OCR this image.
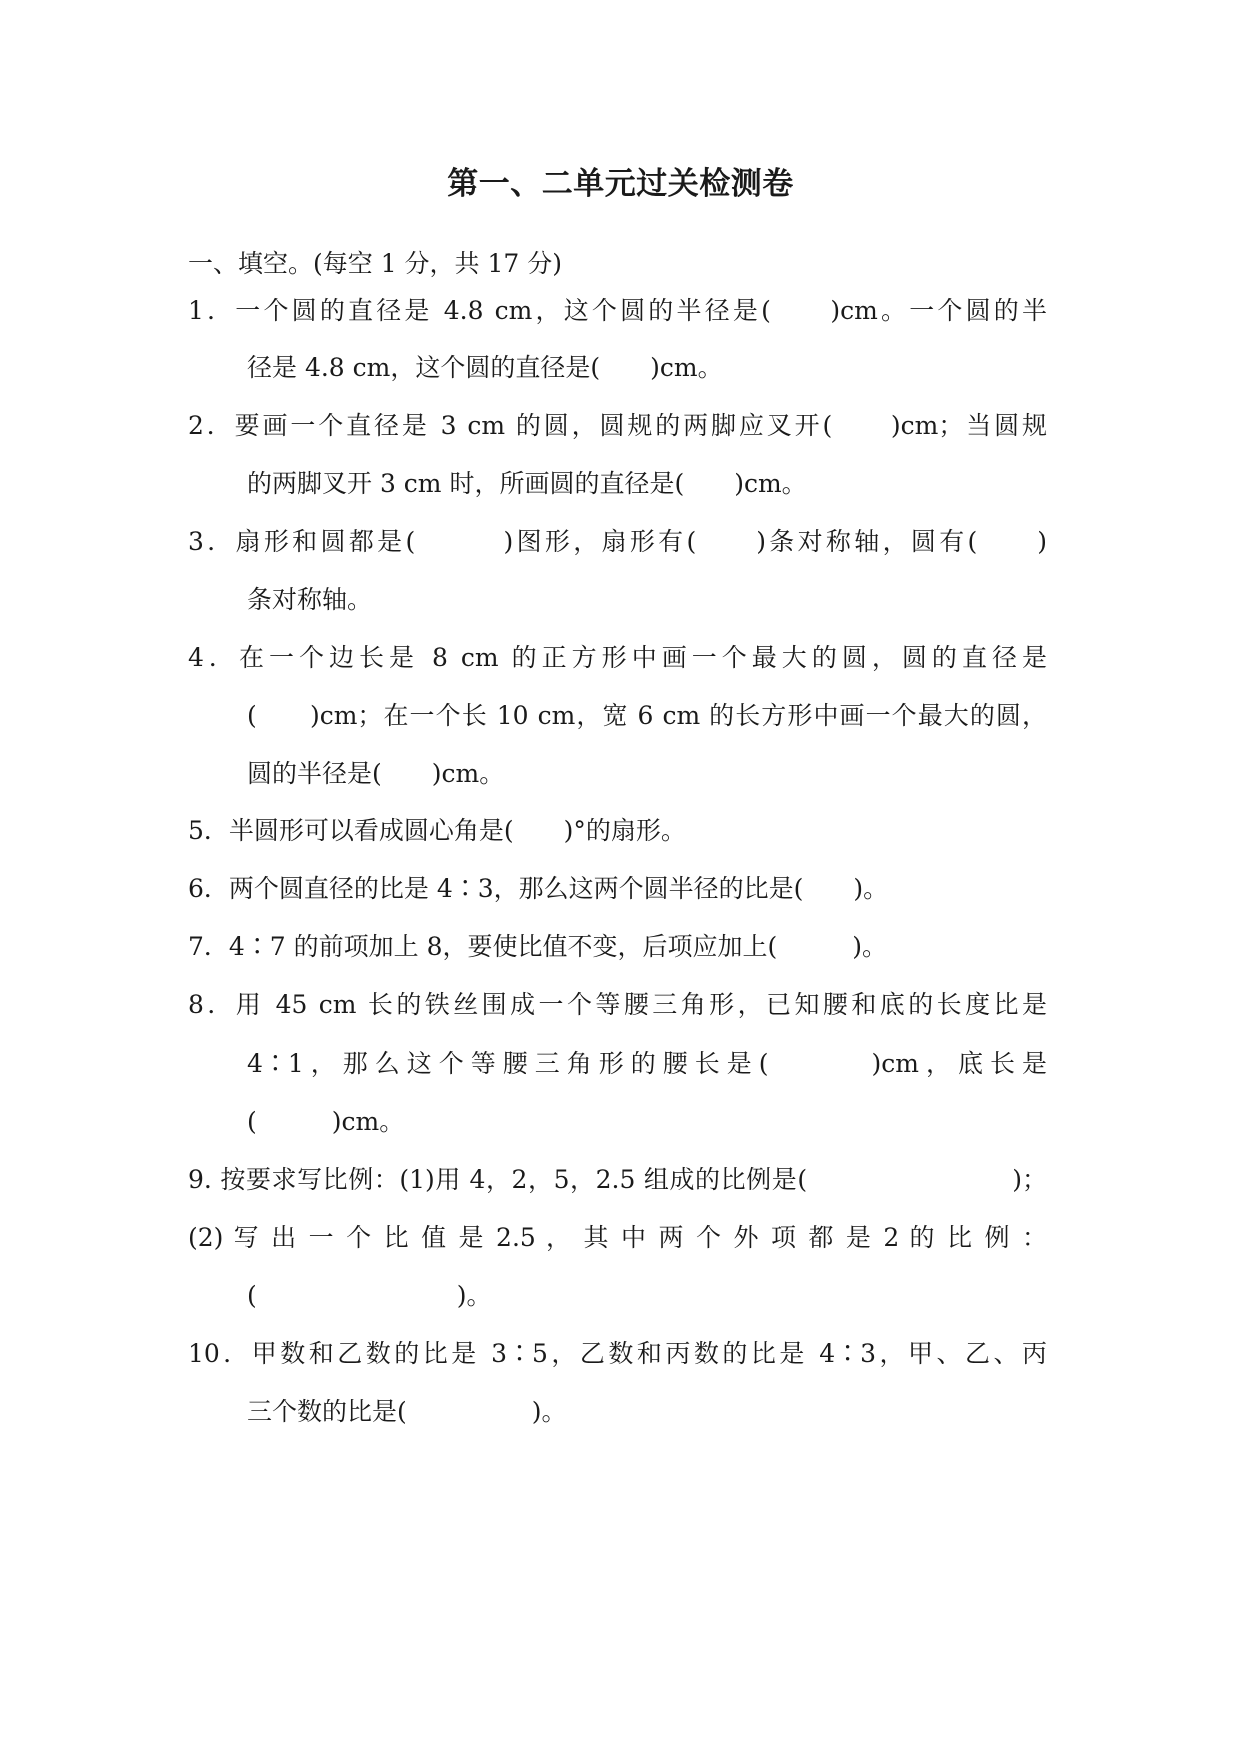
第一、二单元过关检测卷
一、填空。(每空 1 分，共 17 分)
1．一个圆的直径是 4.8 cm，这个圆的半径是(　　)cm。一个圆的半
径是 4.8 cm，这个圆的直径是(　　)cm。
2．要画一个直径是 3 cm 的圆，圆规的两脚应叉开(　　)cm；当圆规
的两脚叉开 3 cm 时，所画圆的直径是(　　)cm。
3．扇形和圆都是(　　　)图形，扇形有(　　)条对称轴，圆有(　　)
条对称轴。
4．在一个边长是 8 cm 的正方形中画一个最大的圆，圆的直径是
(　　)cm；在一个长 10 cm，宽 6 cm 的长方形中画一个最大的圆，
圆的半径是(　　)cm。
5．半圆形可以看成圆心角是(　　)°的扇形。
6．两个圆直径的比是 4∶3，那么这两个圆半径的比是(　　)。
7．4∶7 的前项加上 8，要使比值不变，后项应加上(　　　)。
8．用 45 cm 长的铁丝围成一个等腰三角形，已知腰和底的长度比是
4∶1，那么这个等腰三角形的腰长是(　　　)cm，底长是
(　　　)cm。
9. 按要求写比例：(1)用 4，2，5，2.5 组成的比例是(　　　　　　　　)；
(2) 写 出 一 个 比 值 是 2.5 ， 其 中 两 个 外 项 都 是 2 的 比 例 ：
(　　　　　　　　)。
10．甲数和乙数的比是 3∶5，乙数和丙数的比是 4∶3，甲、乙、丙
三个数的比是(　　　　　)。
